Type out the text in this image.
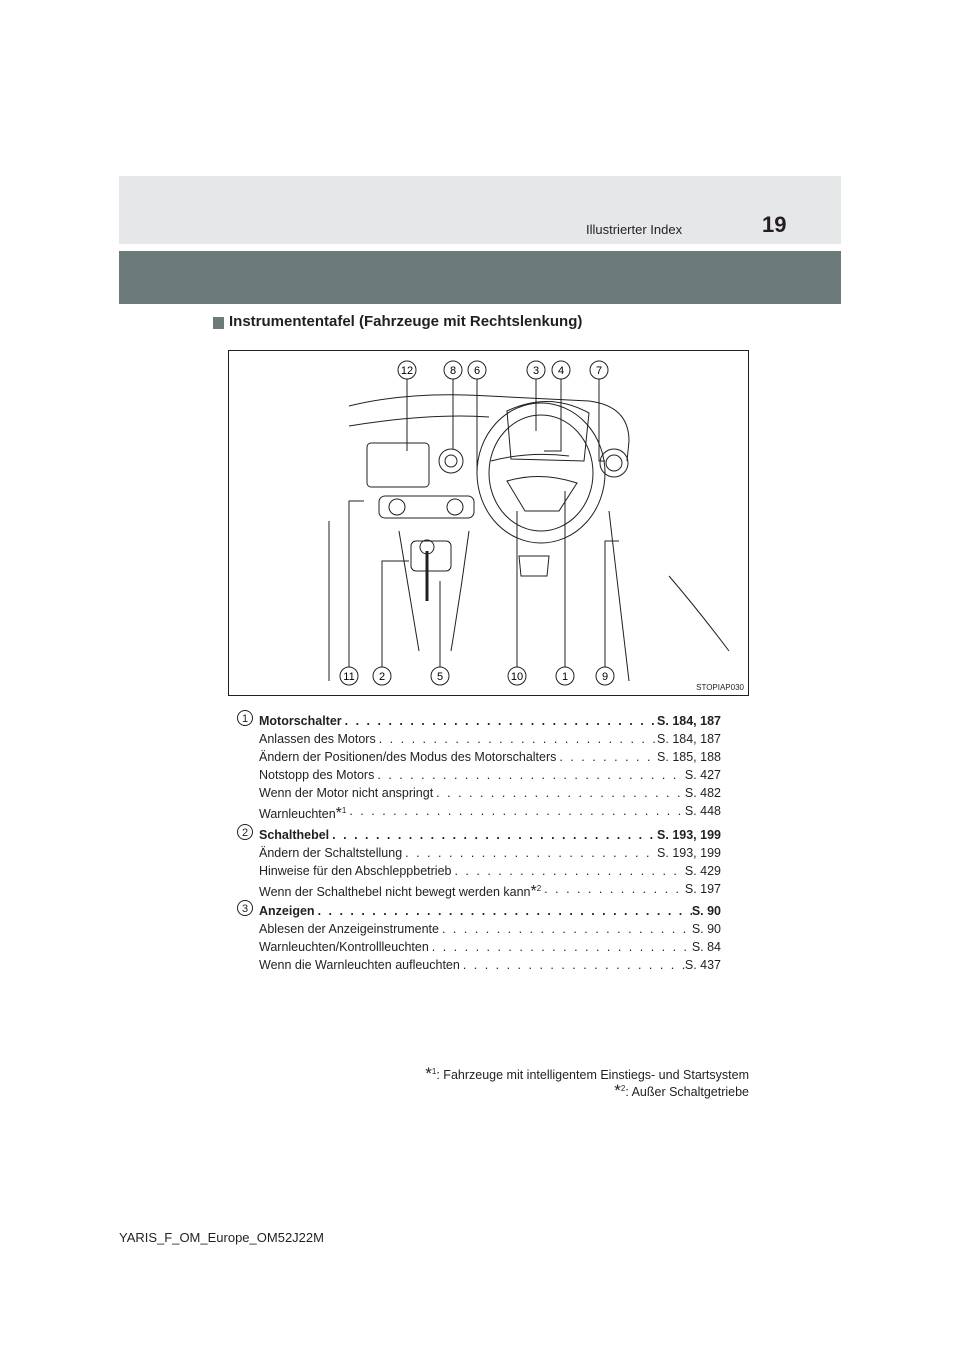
Illustrierter Index	19
Instrumententafel (Fahrzeuge mit Rechtslenkung)
12	8 6	3 4	7
11 2	5	10	1	9
STOPIAP030
1 Motorschalter . . .	S. 184, 187
Anlassen des Motors . . .	S. 184, 187
Ändern der Positionen/des Modus des Motorschalters . . .	S. 185, 188
Notstopp des Motors . . .	S. 427
Wenn der Motor nicht anspringt . . .	S. 482
Warnleuchten*$^1$ . . .	S. 448
2 Schalthebel . . .	S. 193, 199
Ändern der Schaltstellung . . .	S. 193, 199
Hinweise für den Abschleppbetrieb . . .	S. 429
Wenn der Schalthebel nicht bewegt werden kann*$^2$ . . .	S. 197
3 Anzeigen . . .	S. 90
Ablesen der Anzeigeinstrumente . . .	S. 90
Warnleuchten/Kontrollleuchten . . .	S. 84
Wenn die Warnleuchten aufleuchten . . .	S. 437
*$^1$: Fahrzeuge mit intelligentem Einstiegs- und Startsystem
*$^2$: Außer Schaltgetriebe
YARIS_F_OM_Europe_OM52J22M
